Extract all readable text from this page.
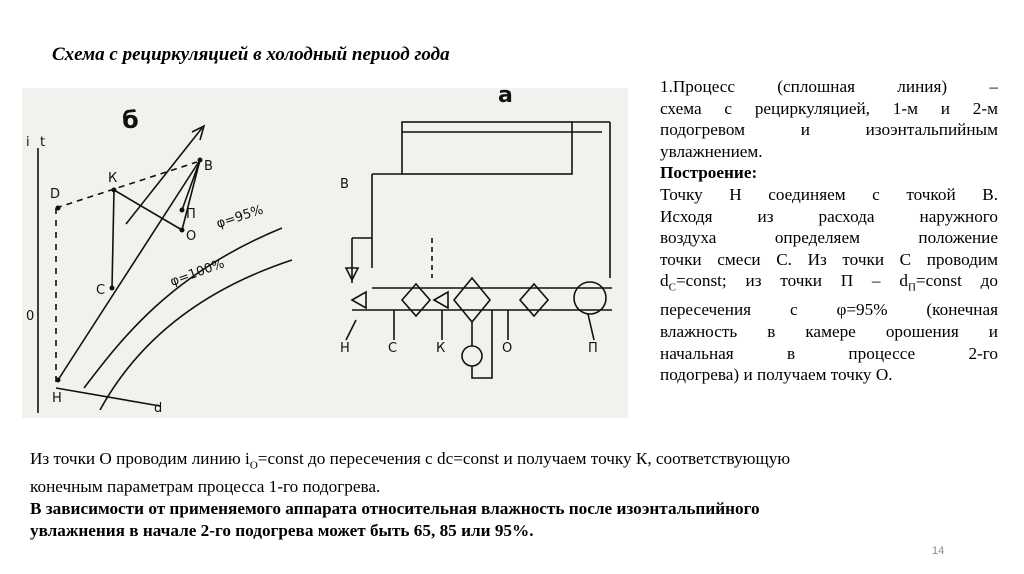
Схема с рециркуляцией в холодный период года
б
а
i t
D
К
В
П
О
С
Н
0
d
φ=95%
φ=100%
В
Н	С	К	О	П

1.Процесс (сплошная линия) –

схема с рециркуляцией, 1-м и 2-м

подогревом и изоэнтальпийным

увлажнением.

Построение:

Точку Н соединяем с точкой В.

Исходя из расхода наружного

воздуха определяем положение

точки смеси С. Из точки С проводим

$d_С=const$; из точки $П - d_П=const$ до

пересечения с φ=95% (конечная

влажность в камере орошения и

начальная в процессе 2-го

подогрева) и получаем точку О.

Из точки О проводим линию $i_О=const$ до пересечения с dc=const и получаем точку К, соответствующую

конечным параметрам процесса 1-го подогрева.

В зависимости от применяемого аппарата относительная влажность после изоэнтальпийного

увлажнения в начале 2-го подогрева может быть 65, 85 или 95%.

14
